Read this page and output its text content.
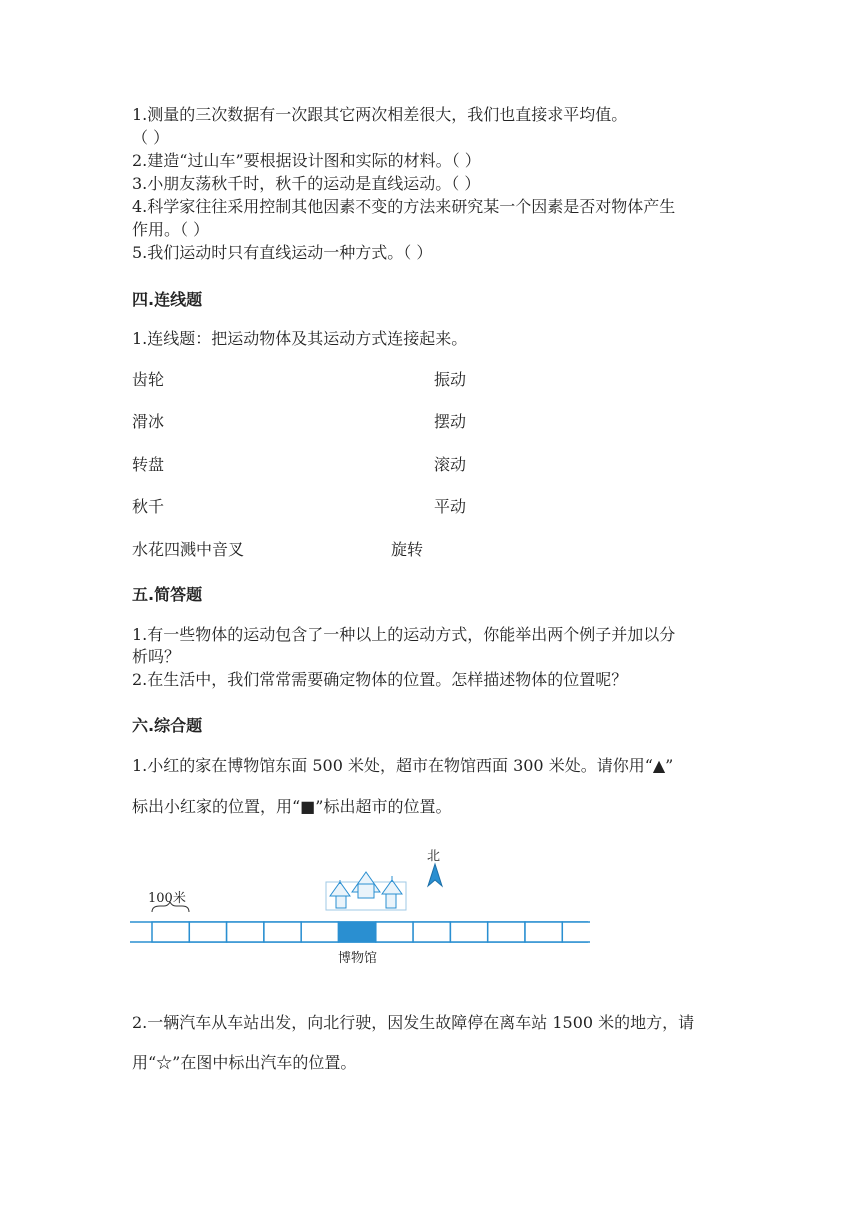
1.测量的三次数据有一次跟其它两次相差很大，我们也直接求平均值。
（ ）
2.建造“过山车”要根据设计图和实际的材料。（ ）
3.小朋友荡秋千时，秋千的运动是直线运动。（ ）
4.科学家往往采用控制其他因素不变的方法来研究某一个因素是否对物体产生
作用。（ ）
5.我们运动时只有直线运动一种方式。（ ）
四.连线题
1.连线题：把运动物体及其运动方式连接起来。
齿轮
滑冰
转盘
秋千
水花四溅中音叉
振动
摆动
滚动
平动
旋转
五.简答题
1.有一些物体的运动包含了一种以上的运动方式，你能举出两个例子并加以分
析吗？
2.在生活中，我们常常需要确定物体的位置。怎样描述物体的位置呢？
六.综合题
1.小红的家在博物馆东面 500 米处，超市在物馆西面 300 米处。请你用“▲”
标出小红家的位置，用“■”标出超市的位置。
北
100米
博物馆
2.一辆汽车从车站出发，向北行驶，因发生故障停在离车站 1500 米的地方，请
用“☆”在图中标出汽车的位置。
